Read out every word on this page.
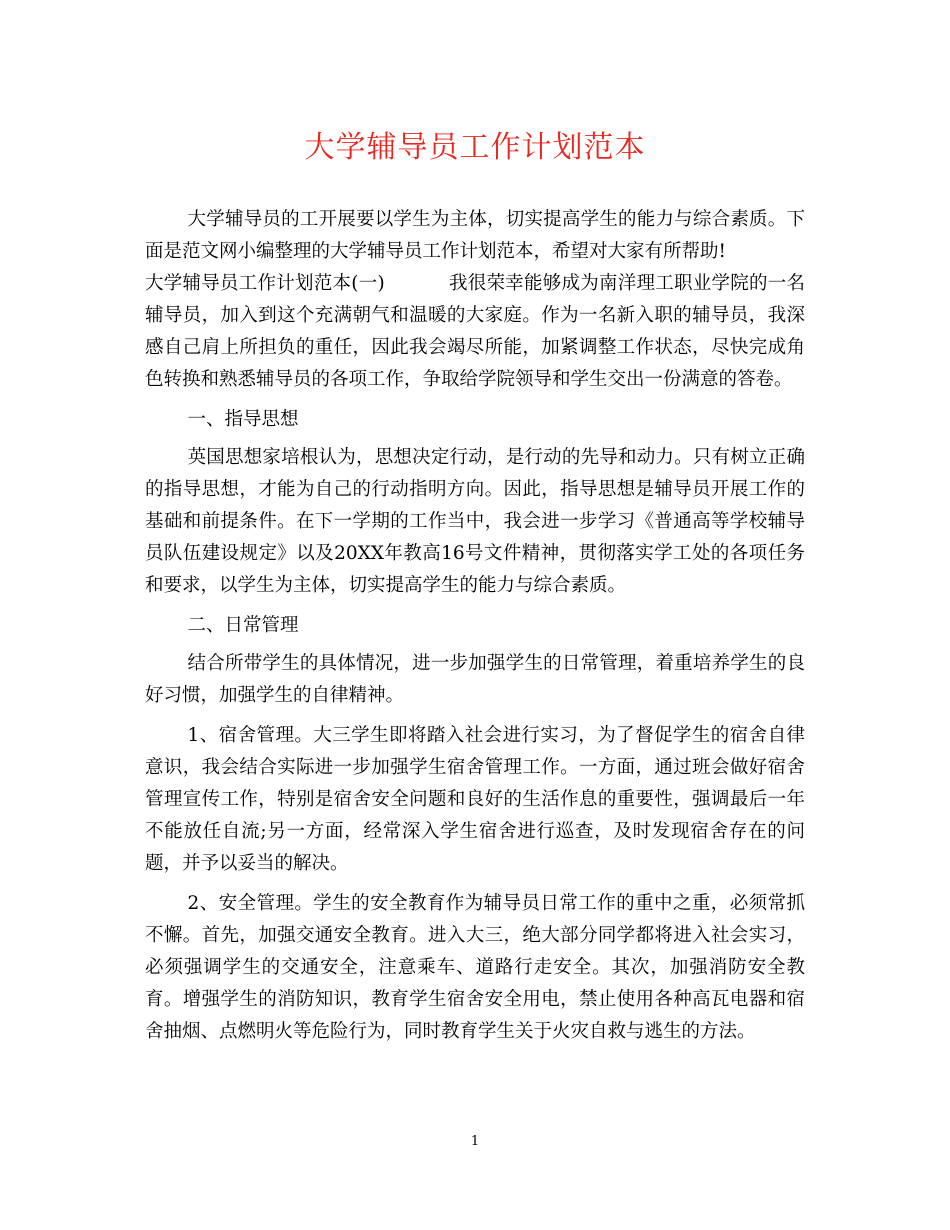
大学辅导员工作计划范本

大学辅导员的工开展要以学生为主体，切实提高学生的能力与综合素质。下面是范文网小编整理的大学辅导员工作计划范本，希望对大家有所帮助!

大学辅导员工作计划范本(一)	我很荣幸能够成为南洋理工职业学院的一名辅导员，加入到这个充满朝气和温暖的大家庭。作为一名新入职的辅导员，我深感自己肩上所担负的重任，因此我会竭尽所能，加紧调整工作状态，尽快完成角色转换和熟悉辅导员的各项工作，争取给学院领导和学生交出一份满意的答卷。

一、指导思想

英国思想家培根认为，思想决定行动，是行动的先导和动力。只有树立正确的指导思想，才能为自己的行动指明方向。因此，指导思想是辅导员开展工作的基础和前提条件。在下一学期的工作当中，我会进一步学习《普通高等学校辅导员队伍建设规定》以及20XX年教高16号文件精神，贯彻落实学工处的各项任务和要求，以学生为主体，切实提高学生的能力与综合素质。

二、日常管理

结合所带学生的具体情况，进一步加强学生的日常管理，着重培养学生的良好习惯，加强学生的自律精神。

1、宿舍管理。大三学生即将踏入社会进行实习，为了督促学生的宿舍自律意识，我会结合实际进一步加强学生宿舍管理工作。一方面，通过班会做好宿舍管理宣传工作，特别是宿舍安全问题和良好的生活作息的重要性，强调最后一年不能放任自流;另一方面，经常深入学生宿舍进行巡查，及时发现宿舍存在的问题，并予以妥当的解决。

2、安全管理。学生的安全教育作为辅导员日常工作的重中之重，必须常抓不懈。首先，加强交通安全教育。进入大三，绝大部分同学都将进入社会实习，必须强调学生的交通安全，注意乘车、道路行走安全。其次，加强消防安全教育。增强学生的消防知识，教育学生宿舍安全用电，禁止使用各种高瓦电器和宿舍抽烟、点燃明火等危险行为，同时教育学生关于火灾自救与逃生的方法。

1
